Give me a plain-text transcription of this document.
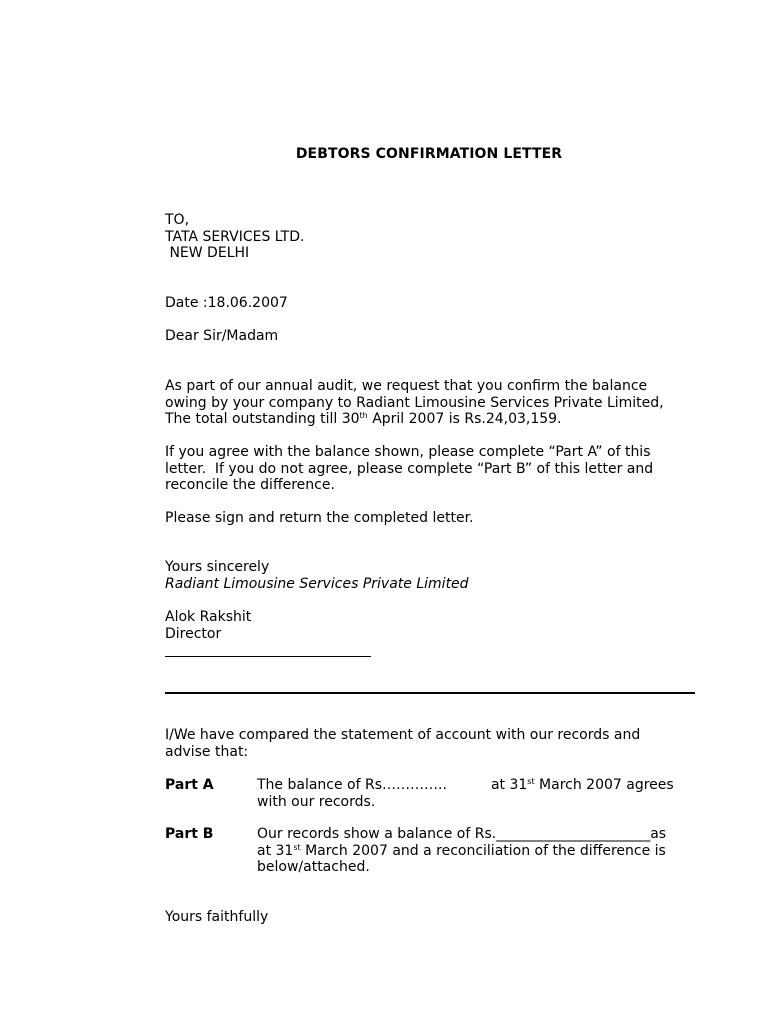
DEBTORS CONFIRMATION LETTER
TO,
TATA SERVICES LTD.
NEW DELHI
Date :18.06.2007
Dear Sir/Madam
As part of our annual audit, we request that you confirm the balance
owing by your company to Radiant Limousine Services Private Limited,
The total outstanding till 30th April 2007 is Rs.24,03,159.
If you agree with the balance shown, please complete “Part A” of this
letter.  If you do not agree, please complete “Part B” of this letter and
reconcile the difference.
Please sign and return the completed letter.
Yours sincerely
Radiant Limousine Services Private Limited
Alok Rakshit
Director
I/We have compared the statement of account with our records and
advise that:
Part A	The balance of Rs…………..	at 31st March 2007 agrees
with our records.
Part B	Our records show a balance of Rs.______________________as
at 31st March 2007 and a reconciliation of the difference is
below/attached.
Yours faithfully
